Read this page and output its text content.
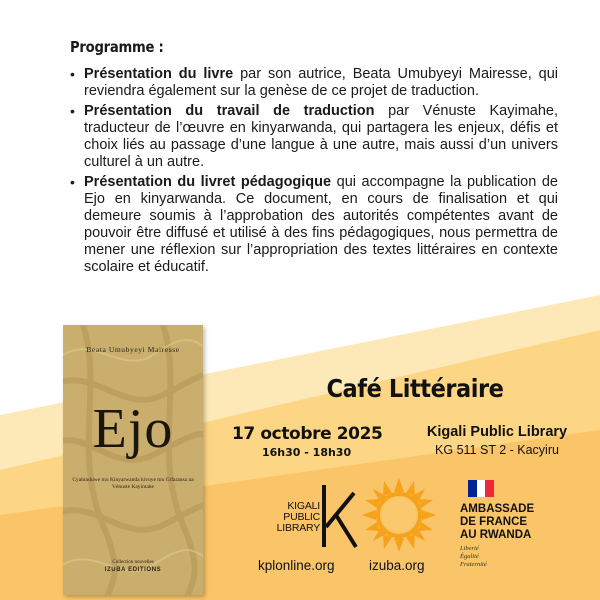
Programme :
• Présentation du livre par son autrice, Beata Umubyeyi Mairesse, qui reviendra également sur la genèse de ce projet de traduction.
• Présentation du travail de traduction par Vénuste Kayimahe, traducteur de l’œuvre en kinyarwanda, qui partagera les enjeux, défis et choix liés au passage d’une langue à une autre, mais aussi d’un univers culturel à un autre.
• Présentation du livret pédagogique qui accompagne la publication de Ejo en kinyarwanda. Ce document, en cours de finalisation et qui demeure soumis à l’approbation des autorités compétentes avant de pouvoir être diffusé et utilisé à des fins pédagogiques, nous permettra de mener une réflexion sur l’appropriation des textes littéraires en contexte scolaire et éducatif.
Beata Umubyeyi Mairesse
Ejo
Cyahinduwe mu Kinyarwanda kivuye mu Gifaransa na Vénuste Kayimahe
Collection nouvelles
IZUBA EDITIONS
Café Littéraire
17 octobre 2025
16h30 - 18h30
Kigali Public Library
KG 511 ST 2 - Kacyiru
KIGALI
PUBLIC
LIBRARY
kplonline.org	izuba.org
AMBASSADE
DE FRANCE
AU RWANDA
Liberté
Égalité
Fraternité
